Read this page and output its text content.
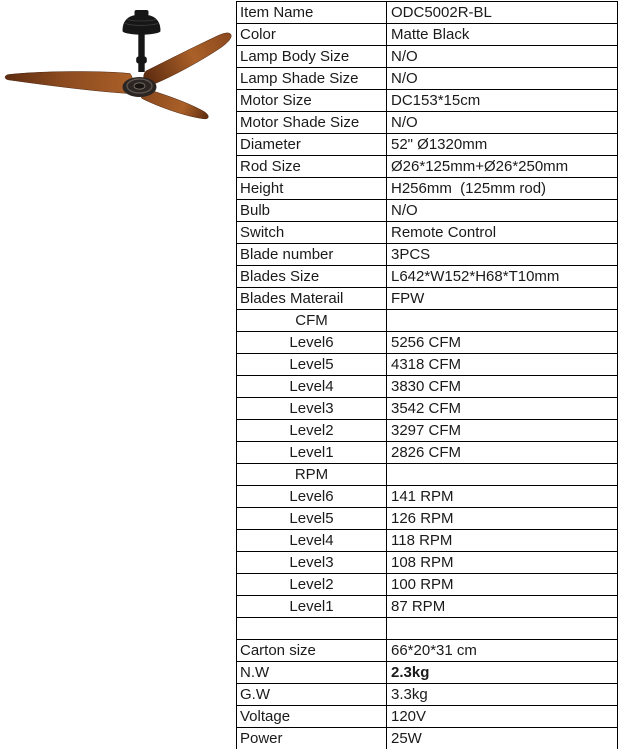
Item Name	ODC5002R-BL
Color	Matte Black
Lamp Body Size	N/O
Lamp Shade Size	N/O
Motor Size	DC153*15cm
Motor Shade Size	N/O
Diameter	52" Ø1320mm
Rod Size	Ø26*125mm+Ø26*250mm
Height	H256mm  (125mm rod)
Bulb	N/O
Switch	Remote Control
Blade number	3PCS
Blades Size	L642*W152*H68*T10mm
Blades Materail	FPW
CFM	
Level6	5256 CFM
Level5	4318 CFM
Level4	3830 CFM
Level3	3542 CFM
Level2	3297 CFM
Level1	2826 CFM
RPM	
Level6	141 RPM
Level5	126 RPM
Level4	118 RPM
Level3	108 RPM
Level2	100 RPM
Level1	87 RPM

Carton size	66*20*31 cm
N.W	2.3kg
G.W	3.3kg
Voltage	120V
Power	25W
